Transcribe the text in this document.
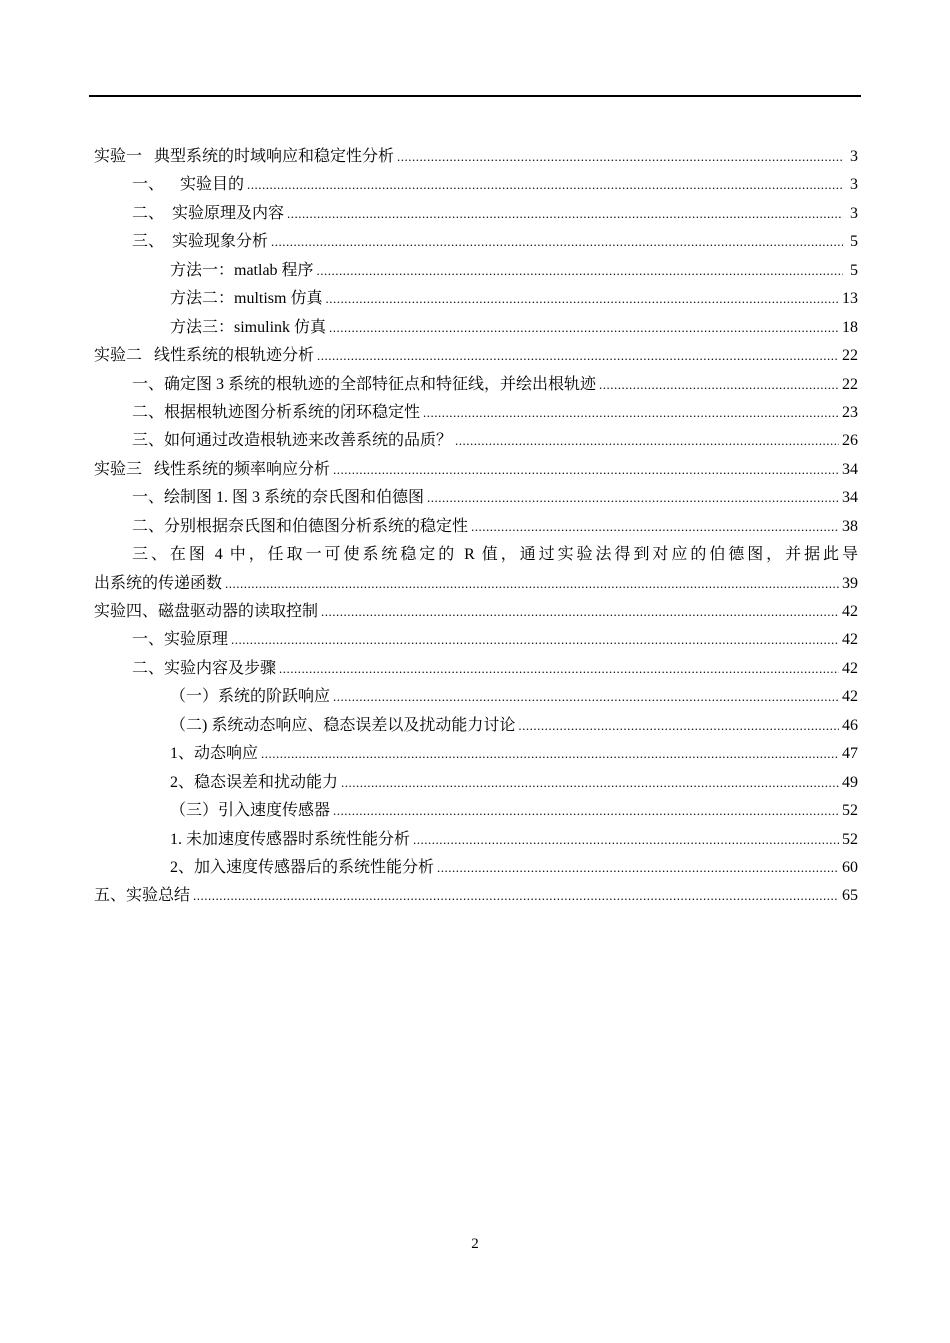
实验一   典型系统的时域响应和稳定性分析 .....	3
一、    实验目的 .....	3
二、  实验原理及内容 .....	3
三、  实验现象分析 .....	5
方法一：matlab 程序 .....	5
方法二：multism 仿真 .....	13
方法三：simulink 仿真 .....	18
实验二   线性系统的根轨迹分析 .....	22
一、确定图 3 系统的根轨迹的全部特征点和特征线，并绘出根轨迹 .....	22
二、根据根轨迹图分析系统的闭环稳定性 .....	23
三、如何通过改造根轨迹来改善系统的品质？ .....	26
实验三   线性系统的频率响应分析 .....	34
一、绘制图 1. 图 3 系统的奈氏图和伯德图 .....	34
二、分别根据奈氏图和伯德图分析系统的稳定性 .....	38
三、在图 4 中，任取一可使系统稳定的 R 值，通过实验法得到对应的伯德图，并据此导
出系统的传递函数 .....	39
实验四、磁盘驱动器的读取控制 .....	42
一、实验原理 .....	42
二、实验内容及步骤 .....	42
（一）系统的阶跃响应 .....	42
（二) 系统动态响应、稳态误差以及扰动能力讨论 .....	46
1、动态响应 .....	47
2、稳态误差和扰动能力 .....	49
（三）引入速度传感器 .....	52
1. 未加速度传感器时系统性能分析 .....	52
2、加入速度传感器后的系统性能分析 .....	60
五、实验总结 .....	65
2
